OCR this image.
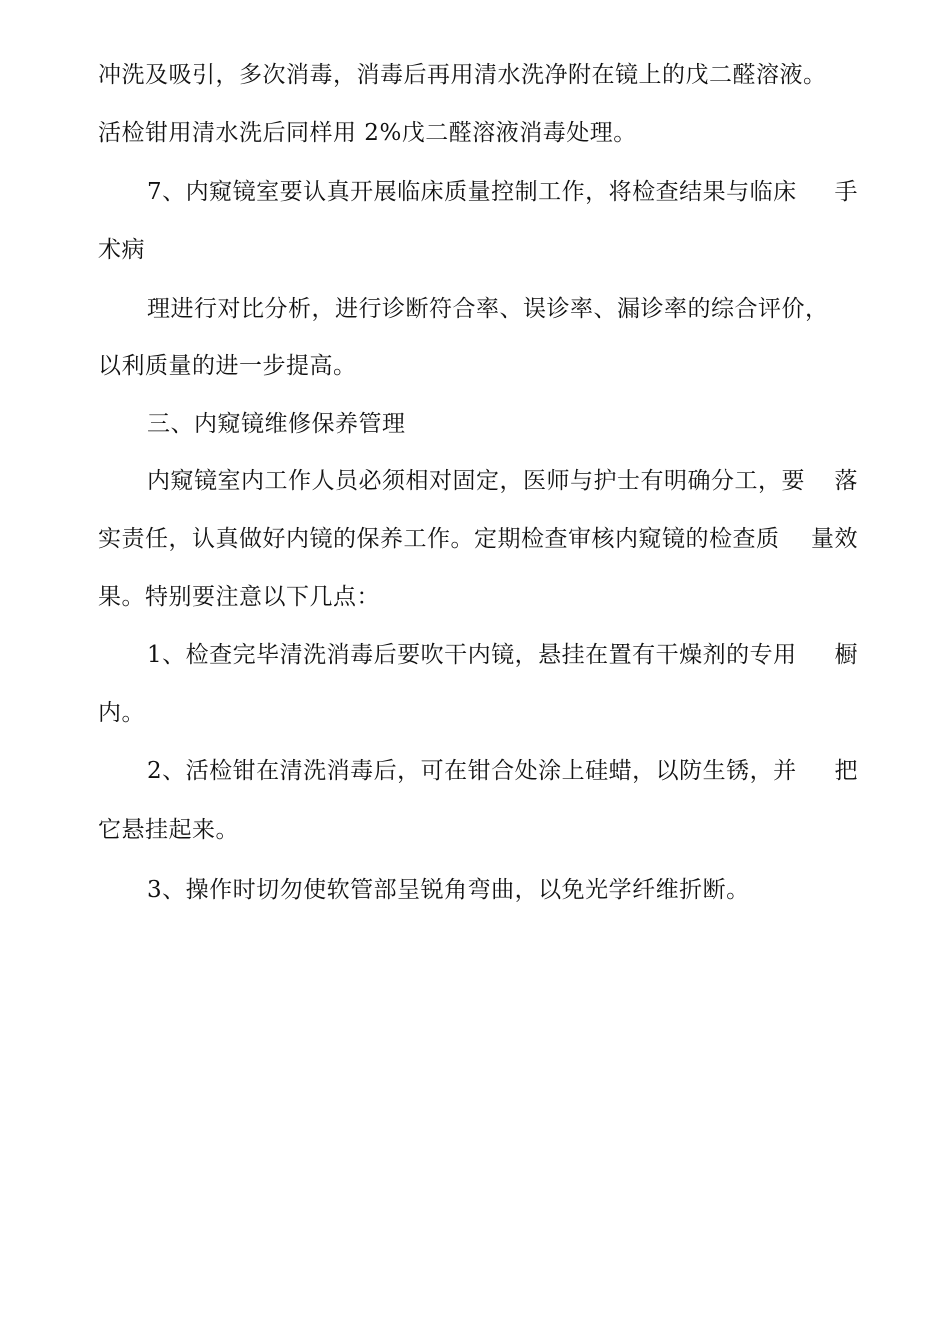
冲洗及吸引，多次消毒，消毒后再用清水洗净附在镜上的戊二醛溶液。
活检钳用清水洗后同样用 2%戊二醛溶液消毒处理。
7、内窥镜室要认真开展临床质量控制工作，将检查结果与临床 手
术病
理进行对比分析，进行诊断符合率、误诊率、漏诊率的综合评价，
以利质量的进一步提高。
三、内窥镜维修保养管理
内窥镜室内工作人员必须相对固定，医师与护士有明确分工，要 落
实责任，认真做好内镜的保养工作。定期检查审核内窥镜的检查质 量效
果。特别要注意以下几点：
1、检查完毕清洗消毒后要吹干内镜，悬挂在置有干燥剂的专用 橱
内。
2、活检钳在清洗消毒后，可在钳合处涂上硅蜡，以防生锈，并 把
它悬挂起来。
3、操作时切勿使软管部呈锐角弯曲，以免光学纤维折断。
